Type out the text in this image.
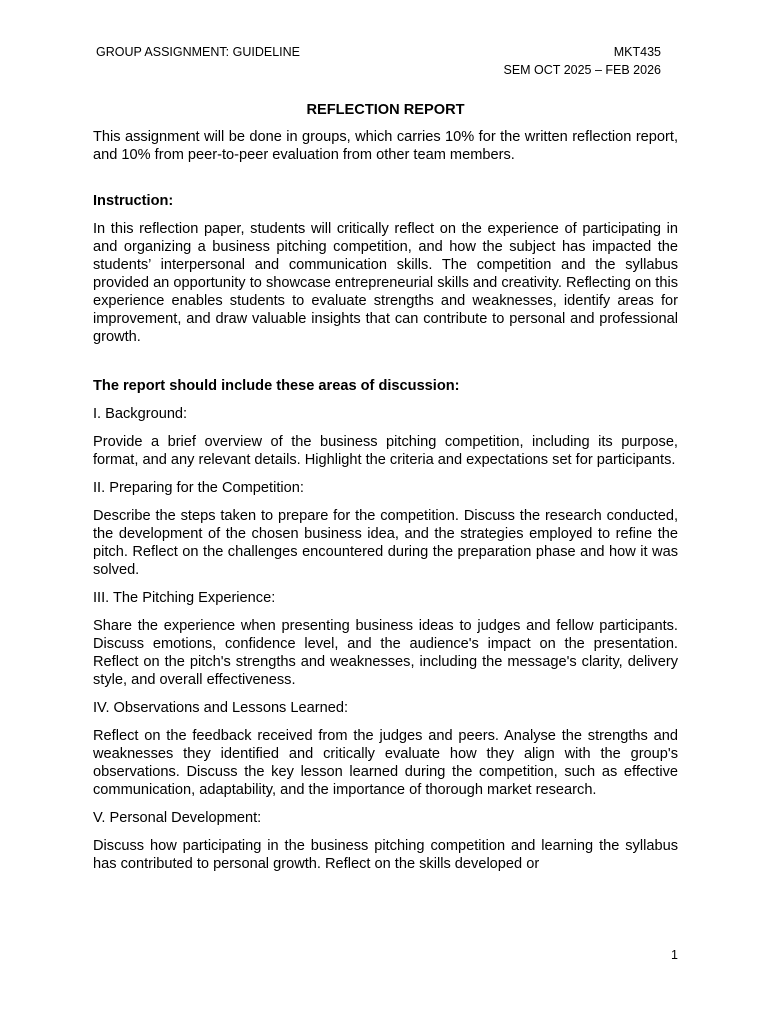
GROUP ASSIGNMENT: GUIDELINE	MKT435
SEM OCT 2025 – FEB 2026
REFLECTION REPORT

This assignment will be done in groups, which carries 10% for the written reflection report, and 10% from peer-to-peer evaluation from other team members.

Instruction:

In this reflection paper, students will critically reflect on the experience of participating in and organizing a business pitching competition, and how the subject has impacted the students’ interpersonal and communication skills. The competition and the syllabus provided an opportunity to showcase entrepreneurial skills and creativity. Reflecting on this experience enables students to evaluate strengths and weaknesses, identify areas for improvement, and draw valuable insights that can contribute to personal and professional growth.

The report should include these areas of discussion:
I. Background:

Provide a brief overview of the business pitching competition, including its purpose, format, and any relevant details. Highlight the criteria and expectations set for participants.

II. Preparing for the Competition:

Describe the steps taken to prepare for the competition. Discuss the research conducted, the development of the chosen business idea, and the strategies employed to refine the pitch. Reflect on the challenges encountered during the preparation phase and how it was solved.

III. The Pitching Experience:

Share the experience when presenting business ideas to judges and fellow participants. Discuss emotions, confidence level, and the audience's impact on the presentation. Reflect on the pitch's strengths and weaknesses, including the message's clarity, delivery style, and overall effectiveness.

IV. Observations and Lessons Learned:

Reflect on the feedback received from the judges and peers. Analyse the strengths and weaknesses they identified and critically evaluate how they align with the group's observations. Discuss the key lesson learned during the competition, such as effective communication, adaptability, and the importance of thorough market research.

V. Personal Development:

Discuss how participating in the business pitching competition and learning the syllabus has contributed to personal growth. Reflect on the skills developed or

1
